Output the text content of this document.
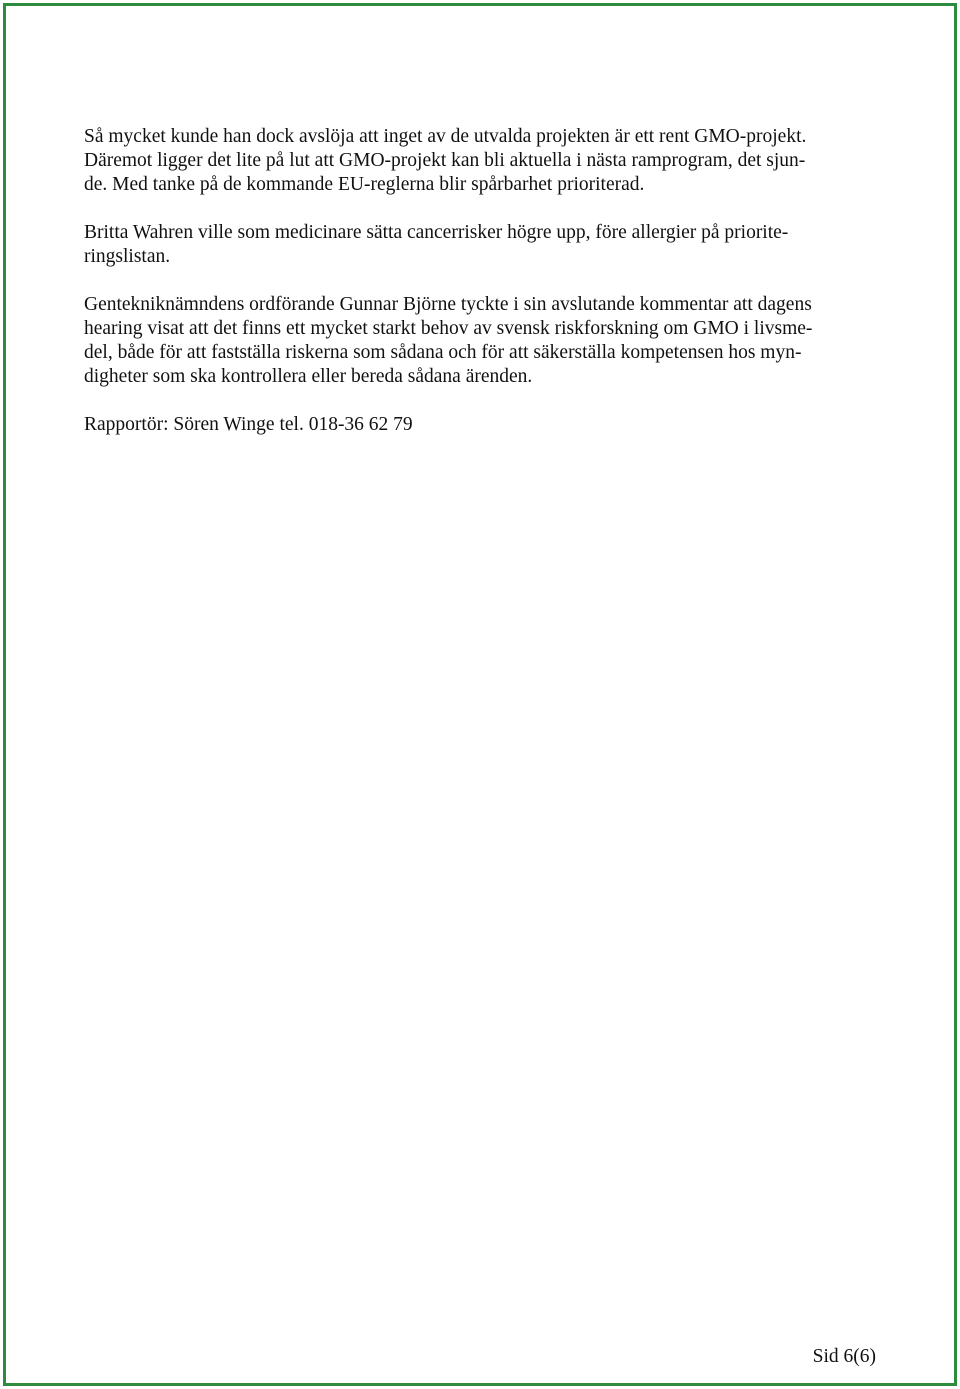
Så mycket kunde han dock avslöja att inget av de utvalda projekten är ett rent GMO-projekt.
Däremot ligger det lite på lut att GMO-projekt kan bli aktuella i nästa ramprogram, det sjun-
de. Med tanke på de kommande EU-reglerna blir spårbarhet prioriterad.

Britta Wahren ville som medicinare sätta cancerrisker högre upp, före allergier på priorite-
ringslistan.

Gentekniknämndens ordförande Gunnar Björne tyckte i sin avslutande kommentar att dagens
hearing visat att det finns ett mycket starkt behov av svensk riskforskning om GMO i livsme-
del, både för att fastställa riskerna som sådana och för att säkerställa kompetensen hos myn-
digheter som ska kontrollera eller bereda sådana ärenden.

Rapportör: Sören Winge tel. 018-36 62 79

Sid 6(6)
